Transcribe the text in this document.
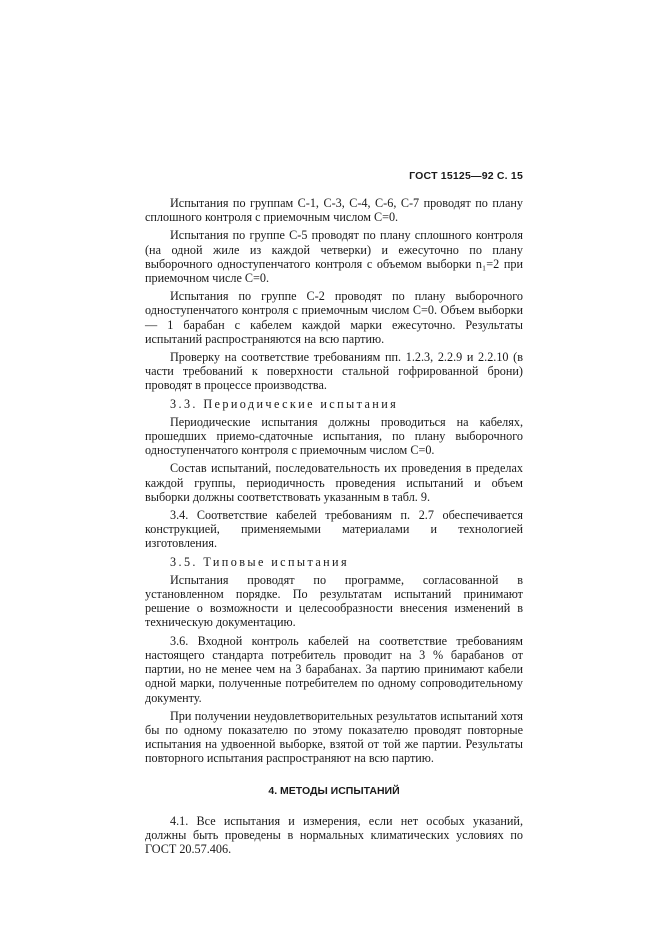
ГОСТ 15125—92 С. 15

Испытания по группам С-1, С-3, С-4, С-6, С-7 проводят по плану сплошного контроля с приемочным числом С=0.

Испытания по группе С-5 проводят по плану сплошного контроля (на одной жиле из каждой четверки) и ежесуточно по плану выборочного одноступенчатого контроля с объемом выборки n₁=2 при приемочном числе С=0.

Испытания по группе С-2 проводят по плану выборочного одноступенчатого контроля с приемочным числом С=0. Объем выборки — 1 барабан с кабелем каждой марки ежесуточно. Результаты испытаний распространяются на всю партию.

Проверку на соответствие требованиям пп. 1.2.3, 2.2.9 и 2.2.10 (в части требований к поверхности стальной гофрированной брони) проводят в процессе производства.

3.3. Периодические испытания

Периодические испытания должны проводиться на кабелях, прошедших приемо-сдаточные испытания, по плану выборочного одноступенчатого контроля с приемочным числом С=0.

Состав испытаний, последовательность их проведения в пределах каждой группы, периодичность проведения испытаний и объем выборки должны соответствовать указанным в табл. 9.

3.4. Соответствие кабелей требованиям п. 2.7 обеспечивается конструкцией, применяемыми материалами и технологией изготовления.

3.5. Типовые испытания

Испытания проводят по программе, согласованной в установленном порядке. По результатам испытаний принимают решение о возможности и целесообразности внесения изменений в техническую документацию.

3.6. Входной контроль кабелей на соответствие требованиям настоящего стандарта потребитель проводит на 3 % барабанов от партии, но не менее чем на 3 барабанах. За партию принимают кабели одной марки, полученные потребителем по одному сопроводительному документу.

При получении неудовлетворительных результатов испытаний хотя бы по одному показателю по этому показателю проводят повторные испытания на удвоенной выборке, взятой от той же партии. Результаты повторного испытания распространяют на всю партию.

4. МЕТОДЫ ИСПЫТАНИЙ

4.1. Все испытания и измерения, если нет особых указаний, должны быть проведены в нормальных климатических условиях по ГОСТ 20.57.406.
